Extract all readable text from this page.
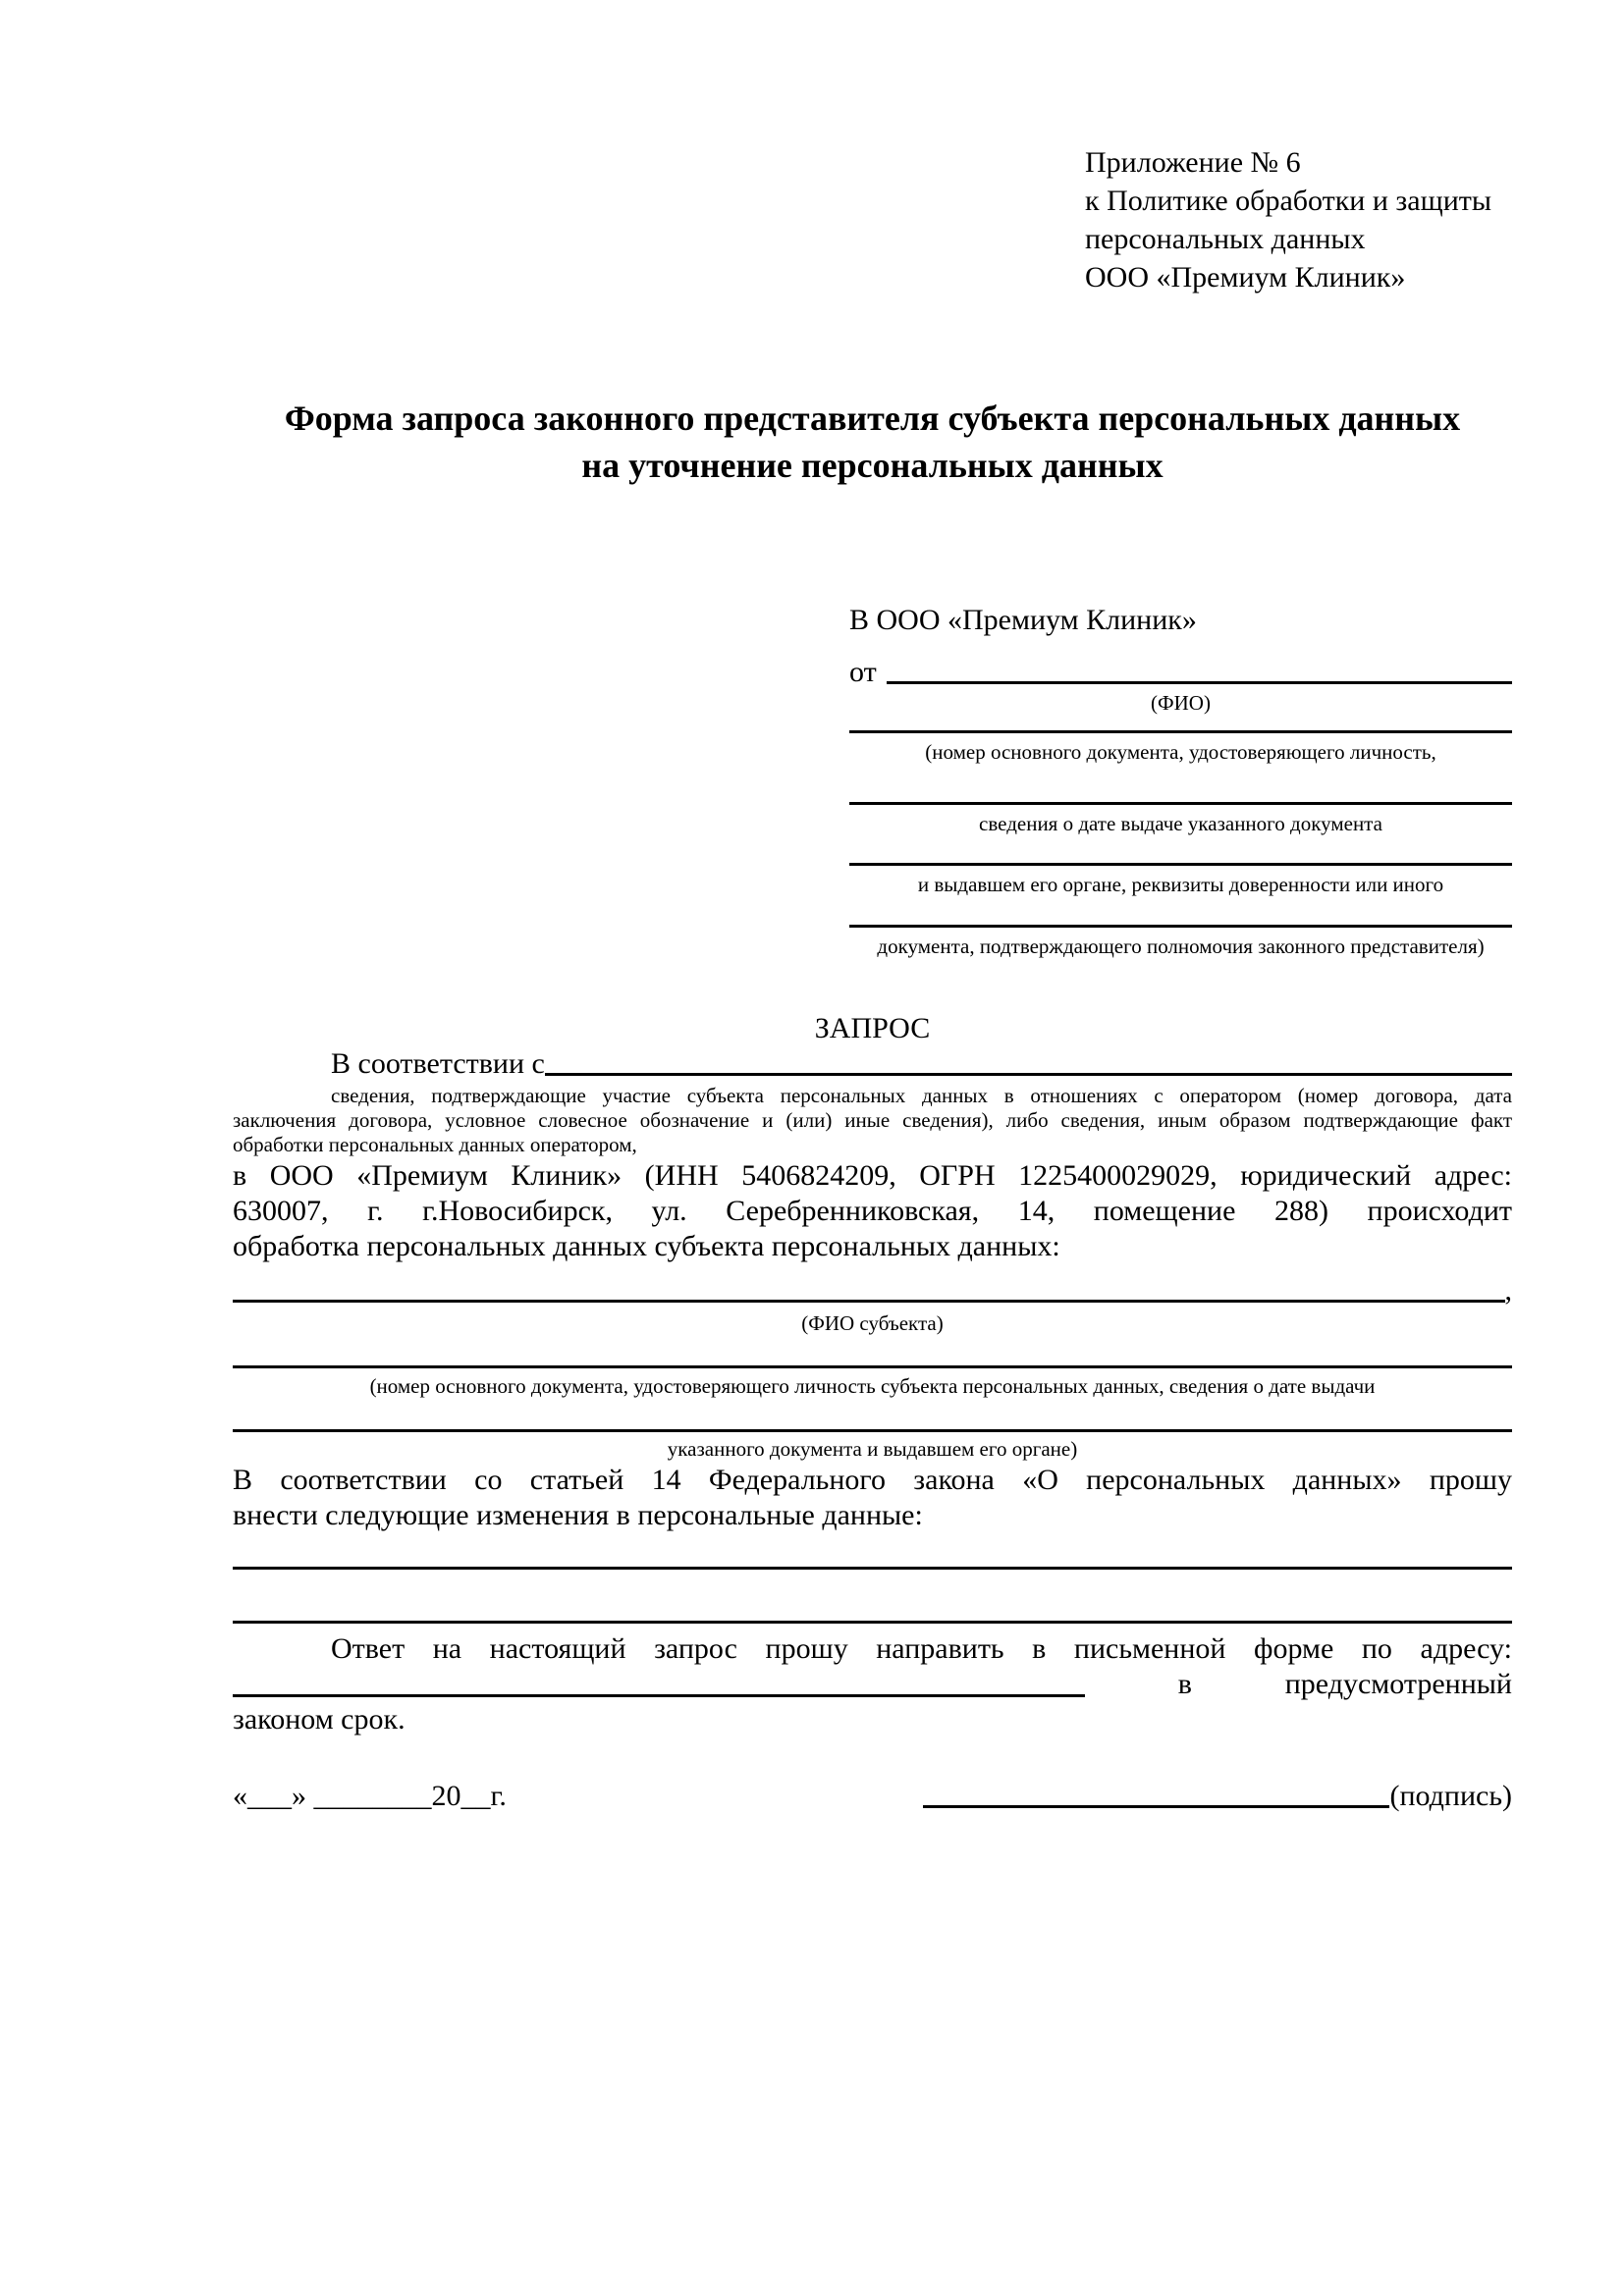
Приложение № 6
к Политике обработки и защиты
персональных данных
ООО «Премиум Клиник»
Форма запроса законного представителя субъекта персональных данных
на уточнение персональных данных
В ООО «Премиум Клиник»
от
(ФИО)
(номер основного документа, удостоверяющего личность,
сведения о дате выдаче указанного документа
и выдавшем его органе, реквизиты доверенности или иного
документа, подтверждающего полномочия законного представителя)
ЗАПРОС
В соответствии с
сведения, подтверждающие участие субъекта персональных данных в отношениях с оператором (номер договора, дата
заключения договора, условное словесное обозначение и (или) иные сведения), либо сведения, иным образом подтверждающие факт
обработки персональных данных оператором,
в ООО «Премиум Клиник» (ИНН 5406824209, ОГРН 1225400029029, юридический адрес:
630007, г. г.Новосибирск, ул. Серебренниковская, 14, помещение 288) происходит
обработка персональных данных субъекта персональных данных:
,
(ФИО субъекта)
(номер основного документа, удостоверяющего личность субъекта персональных данных, сведения о дате выдачи
указанного документа и выдавшем его органе)
В соответствии со статьей 14 Федерального закона «О персональных данных» прошу
внести следующие изменения в персональные данные:
Ответ на настоящий запрос прошу направить в письменной форме по адресу:
в	предусмотренный
законом срок.
«___» ________20__г.	(подпись)
